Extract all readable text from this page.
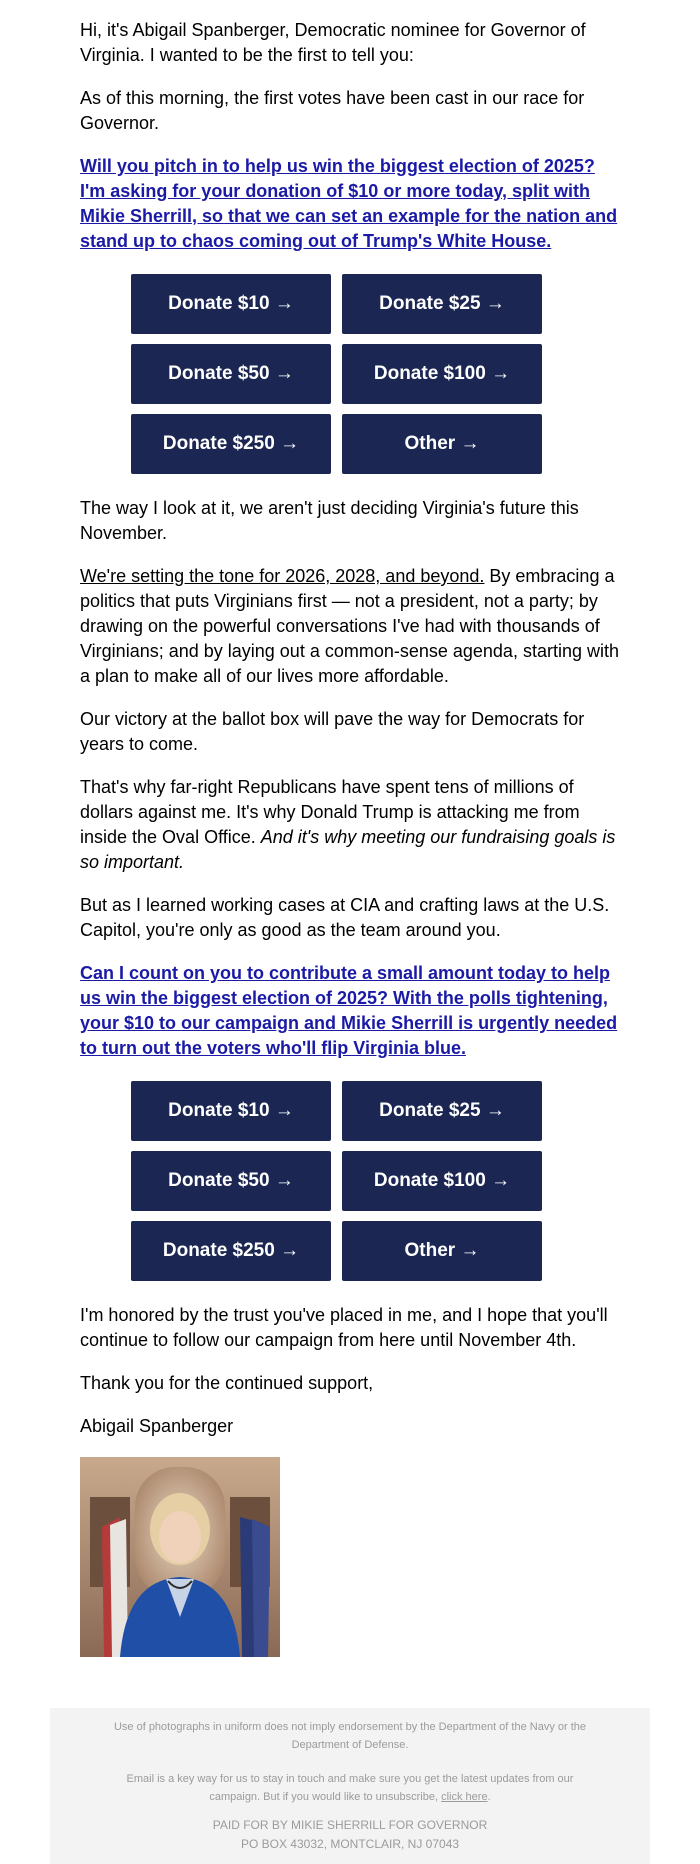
Hi, it's Abigail Spanberger, Democratic nominee for Governor of Virginia. I wanted to be the first to tell you:

As of this morning, the first votes have been cast in our race for Governor.

Will you pitch in to help us win the biggest election of 2025? I'm asking for your donation of $10 or more today, split with Mikie Sherrill, so that we can set an example for the nation and stand up to chaos coming out of Trump's White House.
Donate $10 →	Donate $25 →
Donate $50 →	Donate $100 →
Donate $250 →	Other →

The way I look at it, we aren't just deciding Virginia's future this November.

We're setting the tone for 2026, 2028, and beyond. By embracing a politics that puts Virginians first — not a president, not a party; by drawing on the powerful conversations I've had with thousands of Virginians; and by laying out a common-sense agenda, starting with a plan to make all of our lives more affordable.

Our victory at the ballot box will pave the way for Democrats for years to come.

That's why far-right Republicans have spent tens of millions of dollars against me. It's why Donald Trump is attacking me from inside the Oval Office. And it's why meeting our fundraising goals is so important.

But as I learned working cases at CIA and crafting laws at the U.S. Capitol, you're only as good as the team around you.

Can I count on you to contribute a small amount today to help us win the biggest election of 2025? With the polls tightening, your $10 to our campaign and Mikie Sherrill is urgently needed to turn out the voters who'll flip Virginia blue.
Donate $10 →	Donate $25 →
Donate $50 →	Donate $100 →
Donate $250 →	Other →

I'm honored by the trust you've placed in me, and I hope that you'll continue to follow our campaign from here until November 4th.

Thank you for the continued support,

Abigail Spanberger

Use of photographs in uniform does not imply endorsement by the Department of the Navy or the Department of Defense.
Email is a key way for us to stay in touch and make sure you get the latest updates from our campaign. But if you would like to unsubscribe, click here.
PAID FOR BY MIKIE SHERRILL FOR GOVERNOR
PO BOX 43032, MONTCLAIR, NJ 07043
